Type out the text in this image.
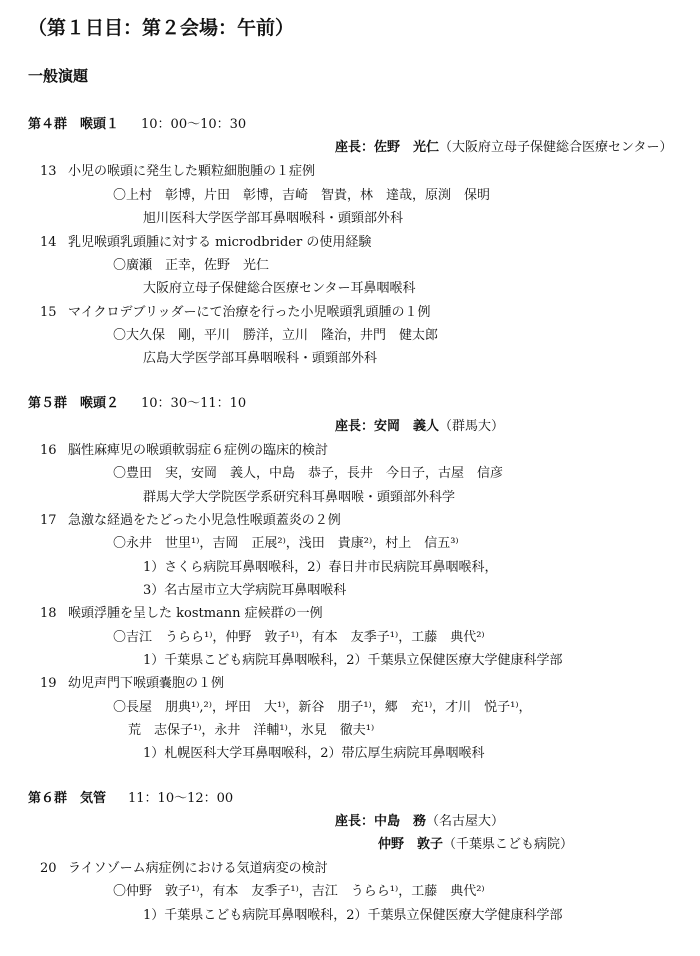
（第１日目：第２会場：午前）
一般演題
第４群　喉頭１ 10：00〜10：30
座長：佐野　光仁（大阪府立母子保健総合医療センター）
13 小児の喉頭に発生した顆粒細胞腫の１症例
〇上村　彰博，片田　彰博，吉崎　智貴，林　達哉，原渕　保明
旭川医科大学医学部耳鼻咽喉科・頭頸部外科
14 乳児喉頭乳頭腫に対する microdbrider の使用経験
〇廣瀬　正幸，佐野　光仁
大阪府立母子保健総合医療センター耳鼻咽喉科
15 マイクロデブリッダーにて治療を行った小児喉頭乳頭腫の１例
〇大久保　剛，平川　勝洋，立川　隆治，井門　健太郎
広島大学医学部耳鼻咽喉科・頭頸部外科
第５群　喉頭２ 10：30〜11：10
座長：安岡　義人（群馬大）
16 脳性麻痺児の喉頭軟弱症６症例の臨床的検討
〇豊田　実，安岡　義人，中島　恭子，長井　今日子，古屋　信彦
群馬大学大学院医学系研究科耳鼻咽喉・頭頸部外科学
17 急激な経過をたどった小児急性喉頭蓋炎の２例
〇永井　世里¹⁾，吉岡　正展²⁾，浅田　貴康²⁾，村上　信五³⁾
1）さくら病院耳鼻咽喉科，2）春日井市民病院耳鼻咽喉科，
3）名古屋市立大学病院耳鼻咽喉科
18 喉頭浮腫を呈した kostmann 症候群の一例
〇吉江　うらら¹⁾，仲野　敦子¹⁾，有本　友季子¹⁾，工藤　典代²⁾
1）千葉県こども病院耳鼻咽喉科，2）千葉県立保健医療大学健康科学部
19 幼児声門下喉頭嚢胞の１例
〇長屋　朋典¹⁾,²⁾，坪田　大¹⁾，新谷　朋子¹⁾，郷　充¹⁾，才川　悦子¹⁾，
荒　志保子¹⁾，永井　洋輔¹⁾，氷見　徹夫¹⁾
1）札幌医科大学耳鼻咽喉科，2）帯広厚生病院耳鼻咽喉科
第６群　気管 11：10〜12：00
座長：中島　務（名古屋大）
仲野　敦子（千葉県こども病院）
20 ライソゾーム病症例における気道病変の検討
〇仲野　敦子¹⁾，有本　友季子¹⁾，吉江　うらら¹⁾，工藤　典代²⁾
1）千葉県こども病院耳鼻咽喉科，2）千葉県立保健医療大学健康科学部
